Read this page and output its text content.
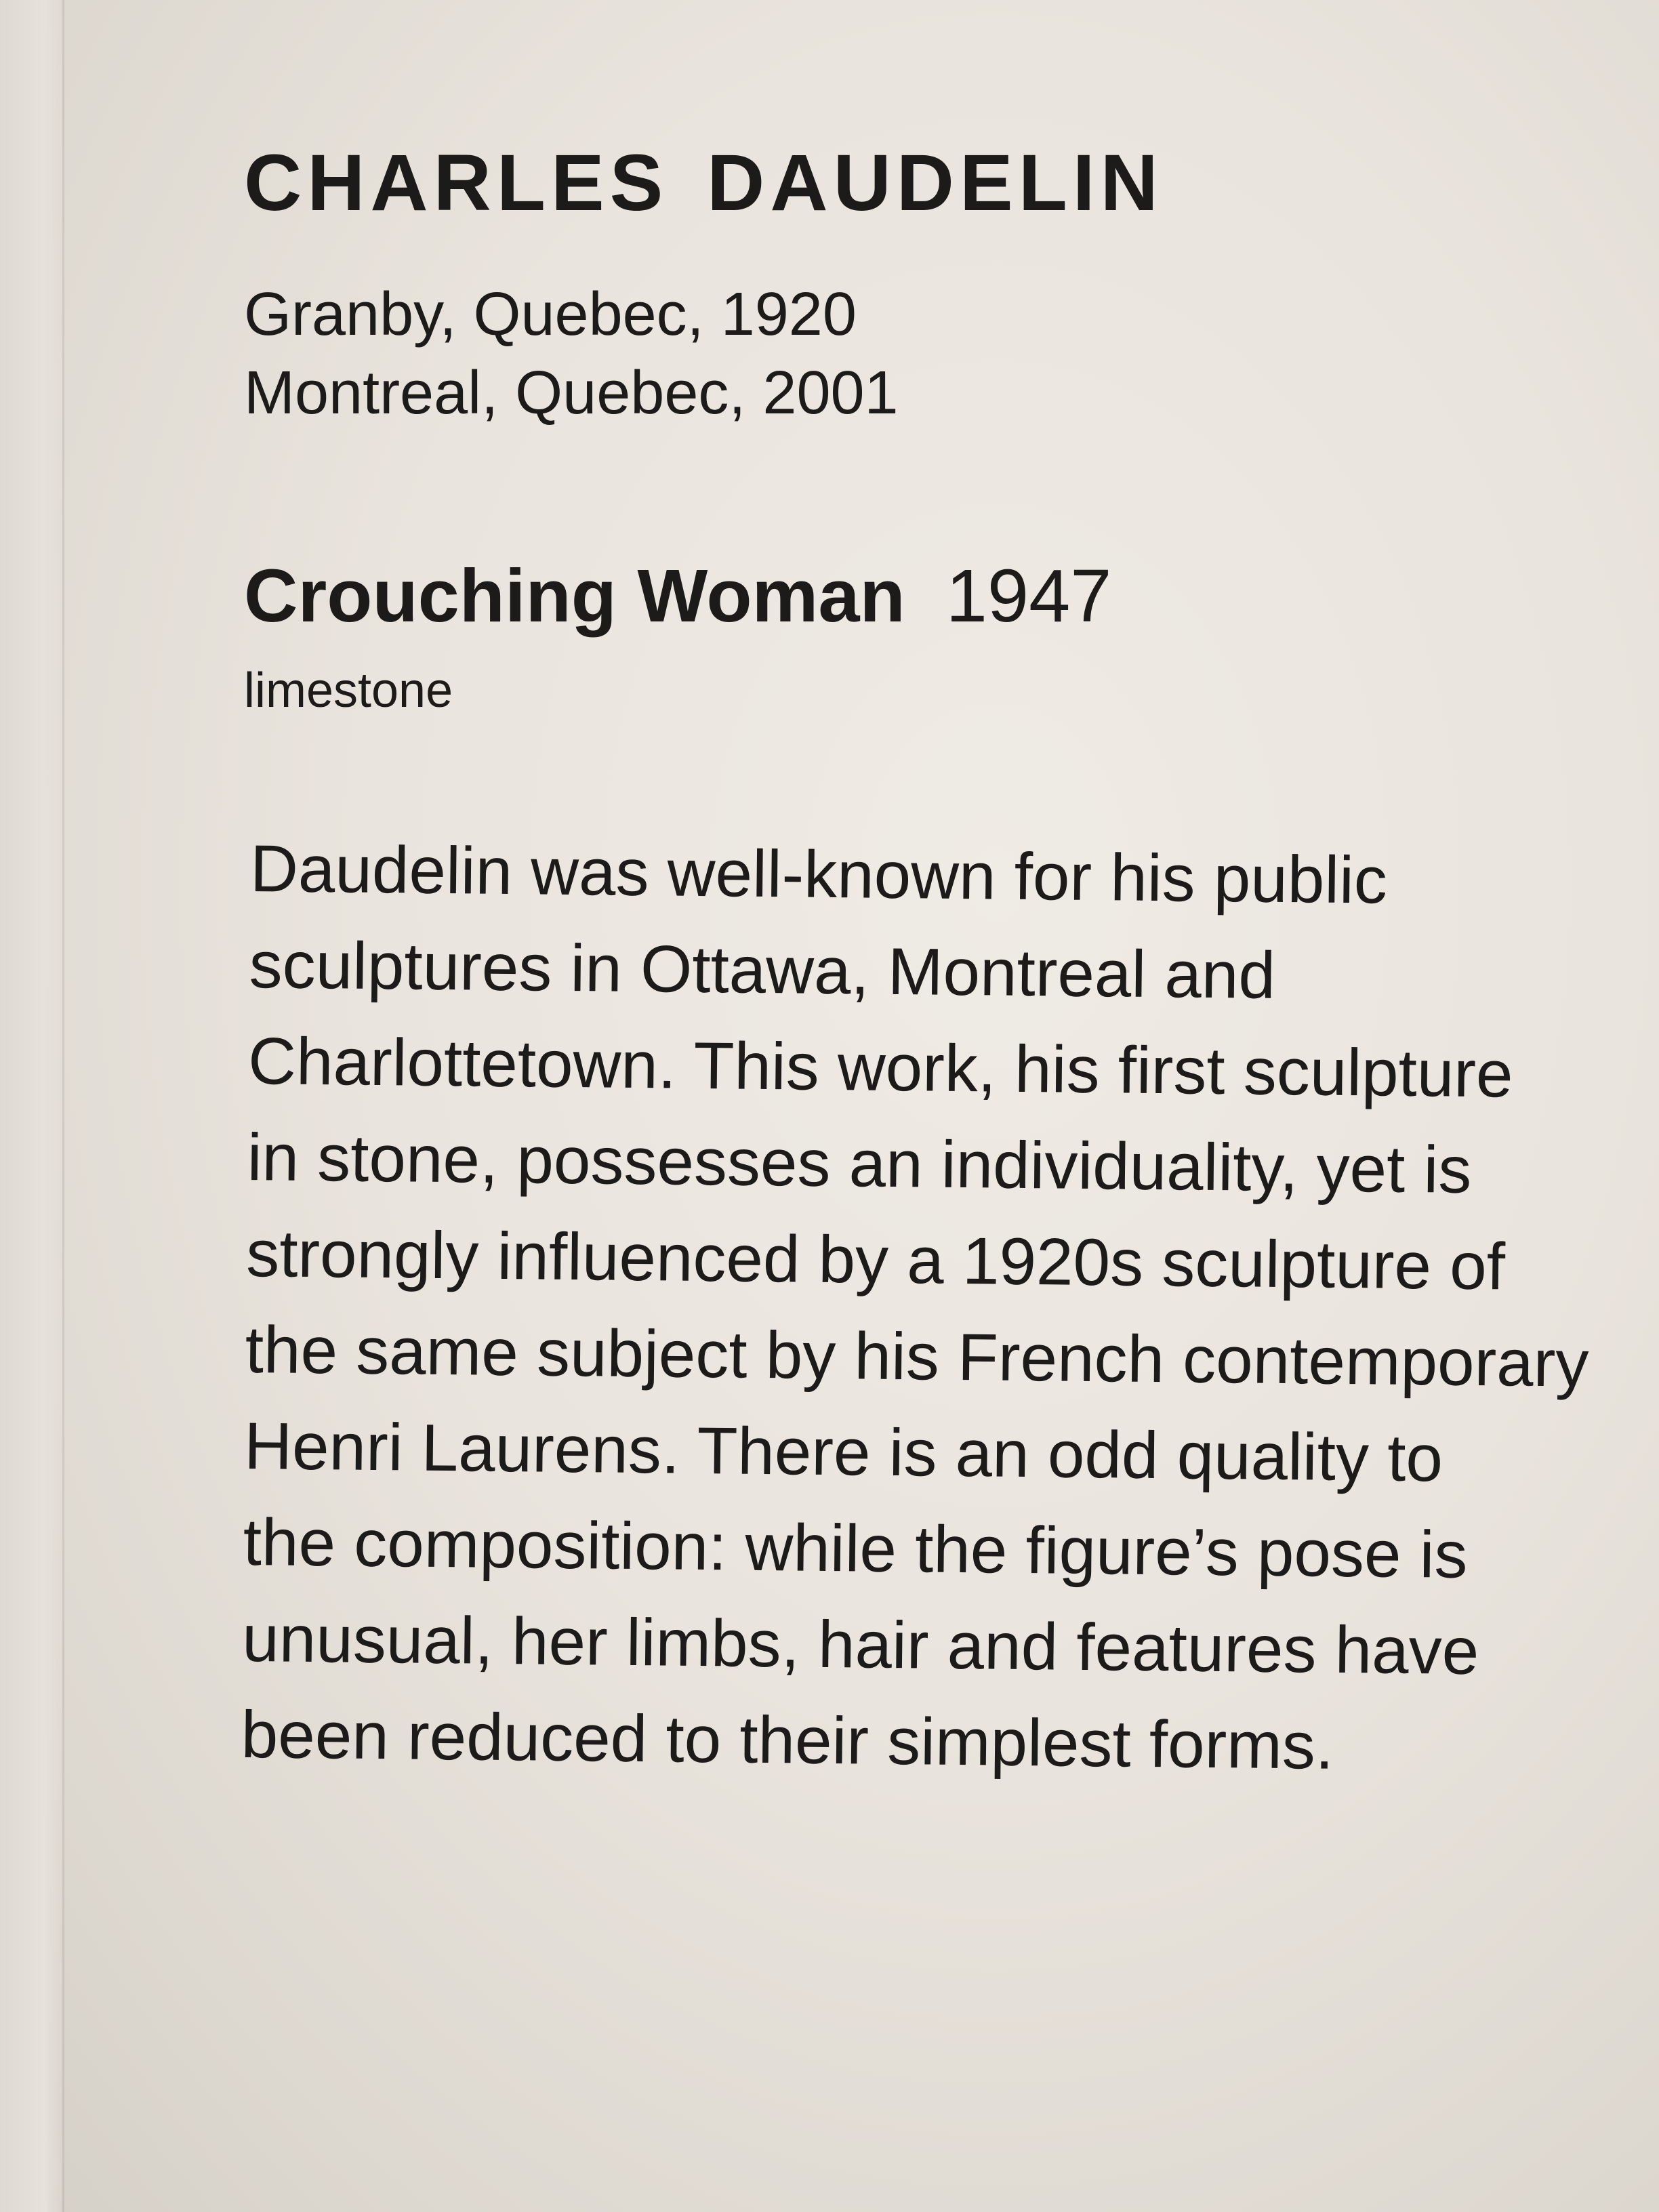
CHARLES DAUDELIN
Granby, Quebec, 1920
Montreal, Quebec, 2001
Crouching Woman 1947
limestone
Daudelin was well-known for his public
sculptures in Ottawa, Montreal and
Charlottetown. This work, his first sculpture
in stone, possesses an individuality, yet is
strongly influenced by a 1920s sculpture of
the same subject by his French contemporary
Henri Laurens. There is an odd quality to
the composition: while the figure’s pose is
unusual, her limbs, hair and features have
been reduced to their simplest forms.
